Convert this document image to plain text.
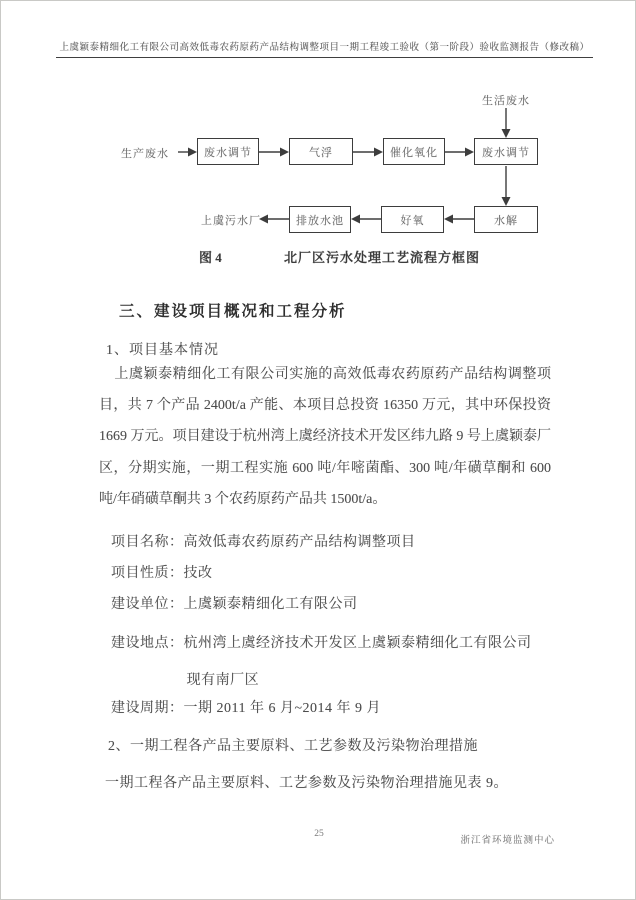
上虞颖泰精细化工有限公司高效低毒农药原药产品结构调整项目一期工程竣工验收（第一阶段）验收监测报告（修改稿）
生产废水
生活废水
上虞污水厂
废水调节	气浮	催化氧化	废水调节
水解
好氧
排放水池
图 4	北厂区污水处理工艺流程方框图
三、建设项目概况和工程分析
1、项目基本情况
上虞颖泰精细化工有限公司实施的高效低毒农药原药产品结构调整项目，共 7 个产品 2400t/a 产能、本项目总投资 16350 万元，其中环保投资 1669 万元。项目建设于杭州湾上虞经济技术开发区纬九路 9 号上虞颖泰厂区，分期实施，一期工程实施 600 吨/年嘧菌酯、300 吨/年磺草酮和 600 吨/年硝磺草酮共 3 个农药原药产品共 1500t/a。
项目名称：高效低毒农药原药产品结构调整项目
项目性质：技改
建设单位：上虞颖泰精细化工有限公司
建设地点：杭州湾上虞经济技术开发区上虞颖泰精细化工有限公司
现有南厂区
建设周期：一期 2011 年 6 月~2014 年 9 月
2、一期工程各产品主要原料、工艺参数及污染物治理措施
一期工程各产品主要原料、工艺参数及污染物治理措施见表 9。
25
浙江省环境监测中心
